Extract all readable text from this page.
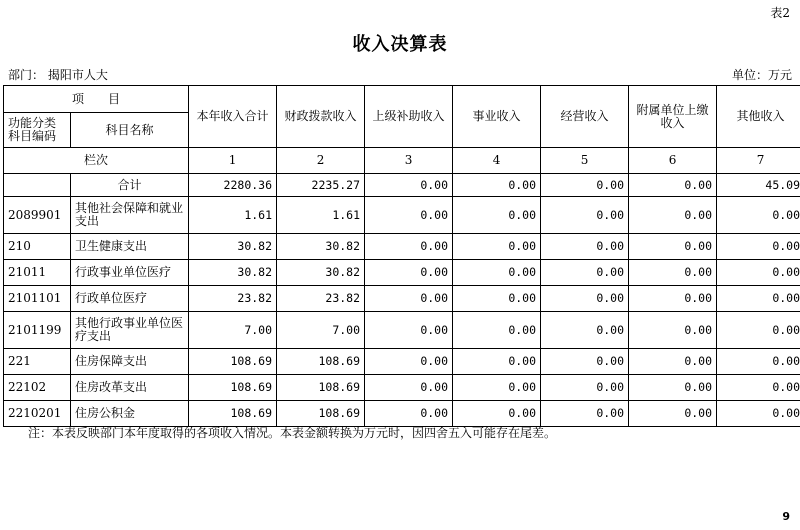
表2
收入决算表
部门： 揭阳市人大	单位：万元
项　　目		本年收入合计	财政拨款收入	上级补助收入	事业收入	经营收入	附属单位上缴收入	其他收入
功能分类科目编码	科目名称							
栏次		1	2	3	4	5	6	7
	合计	2280.36	2235.27	0.00	0.00	0.00	0.00	45.09
2089901	其他社会保障和就业支出	1.61	1.61	0.00	0.00	0.00	0.00	0.00
210	卫生健康支出	30.82	30.82	0.00	0.00	0.00	0.00	0.00
21011	行政事业单位医疗	30.82	30.82	0.00	0.00	0.00	0.00	0.00
2101101	行政单位医疗	23.82	23.82	0.00	0.00	0.00	0.00	0.00
2101199	其他行政事业单位医疗支出	7.00	7.00	0.00	0.00	0.00	0.00	0.00
221	住房保障支出	108.69	108.69	0.00	0.00	0.00	0.00	0.00
22102	住房改革支出	108.69	108.69	0.00	0.00	0.00	0.00	0.00
2210201	住房公积金	108.69	108.69	0.00	0.00	0.00	0.00	0.00
注：本表反映部门本年度取得的各项收入情况。本表金额转换为万元时，因四舍五入可能存在尾差。
9
